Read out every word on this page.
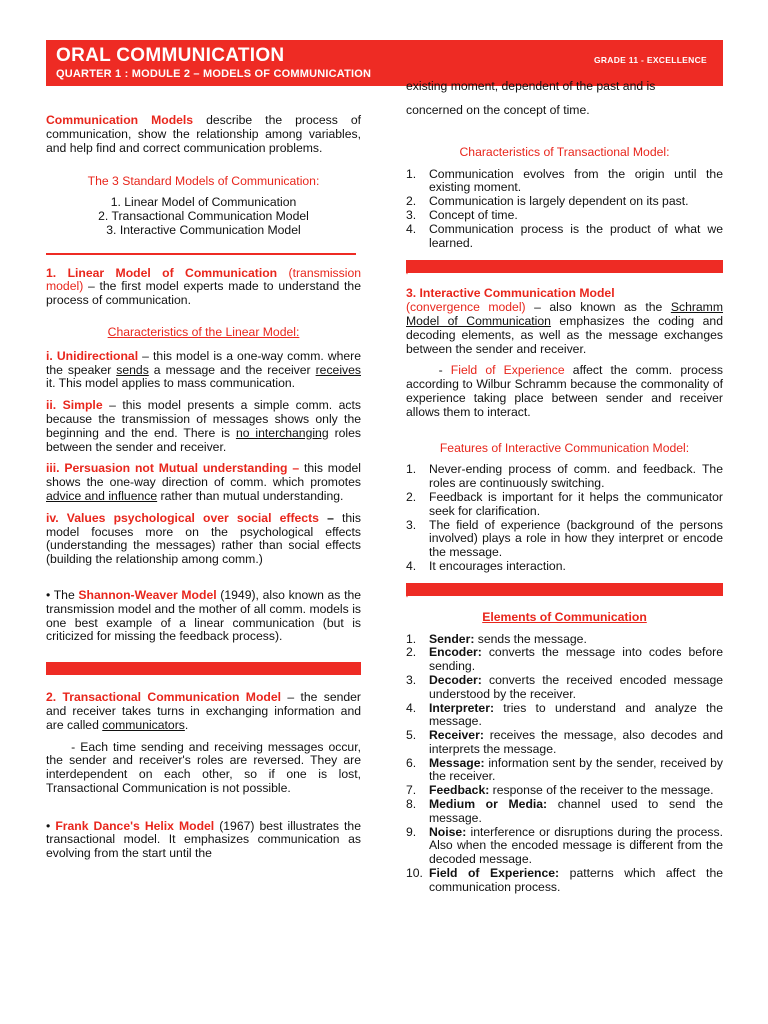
ORAL COMMUNICATION
QUARTER 1 : MODULE 2 – MODELS OF COMMUNICATION
GRADE 11 - EXCELLENCE

Communication Models describe the process of communication, show the relationship among variables, and help find and correct communication problems.

The 3 Standard Models of Communication:

1. Linear Model of Communication
2. Transactional Communication Model
3. Interactive Communication Model

1. Linear Model of Communication (transmission model) – the first model experts made to understand the process of communication.

Characteristics of the Linear Model:

i. Unidirectional – this model is a one-way comm. where the speaker sends a message and the receiver receives it. This model applies to mass communication.

ii. Simple – this model presents a simple comm. acts because the transmission of messages shows only the beginning and the end. There is no interchanging roles between the sender and receiver.

iii. Persuasion not Mutual understanding – this model shows the one-way direction of comm. which promotes advice and influence rather than mutual understanding.

iv. Values psychological over social effects – this model focuses more on the psychological effects (understanding the messages) rather than social effects (building the relationship among comm.)

• The Shannon-Weaver Model (1949), also known as the transmission model and the mother of all comm. models is one best example of a linear communication (but is criticized for missing the feedback process).

2. Transactional Communication Model – the sender and receiver takes turns in exchanging information and are called communicators.

- Each time sending and receiving messages occur, the sender and receiver's roles are reversed. They are interdependent on each other, so if one is lost, Transactional Communication is not possible.

• Frank Dance's Helix Model (1967) best illustrates the transactional model. It emphasizes communication as evolving from the start until the

existing moment, dependent of the past and is

concerned on the concept of time.

Characteristics of Transactional Model:

1. Communication evolves from the origin until the existing moment.
2. Communication is largely dependent on its past.
3. Concept of time.
4. Communication process is the product of what we learned.
“

3. Interactive Communication Model
(convergence model) – also known as the Schramm Model of Communication emphasizes the coding and decoding elements, as well as the message exchanges between the sender and receiver.

- Field of Experience affect the comm. process according to Wilbur Schramm because the commonality of experience taking place between sender and receiver allows them to interact.

Features of Interactive Communication Model:

1. Never-ending process of comm. and feedback. The roles are continuously switching.
2. Feedback is important for it helps the communicator seek for clarification.
3. The field of experience (background of the persons involved) plays a role in how they interpret or encode the message.
4. It encourages interaction.
“

Elements of Communication

1. Sender: sends the message.
2. Encoder: converts the message into codes before sending.
3. Decoder: converts the received encoded message understood by the receiver.
4. Interpreter: tries to understand and analyze the message.
5. Receiver: receives the message, also decodes and interprets the message.
6. Message: information sent by the sender, received by the receiver.
7. Feedback: response of the receiver to the message.
8. Medium or Media: channel used to send the message.
9. Noise: interference or disruptions during the process. Also when the encoded message is different from the decoded message.
10. Field of Experience: patterns which affect the communication process.
